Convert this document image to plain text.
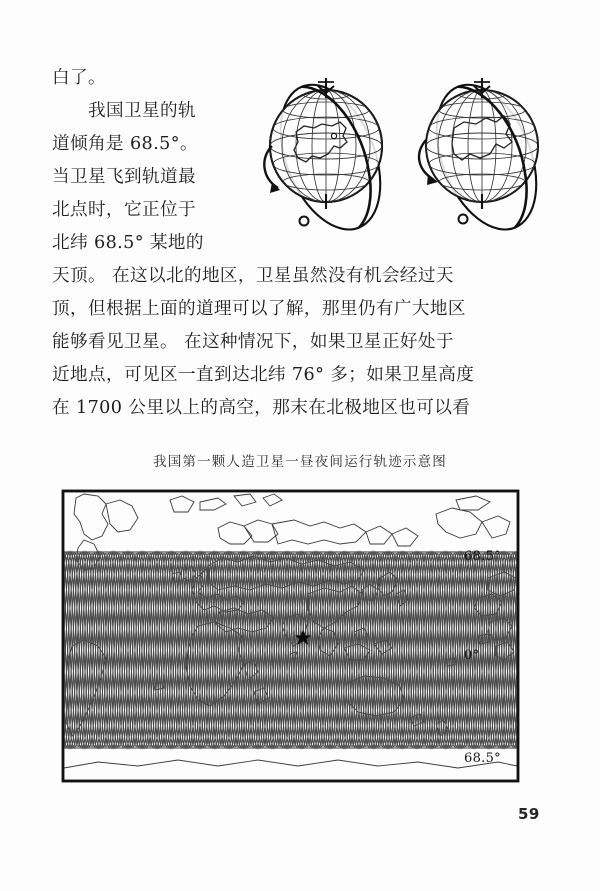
白了。
　　我国卫星的轨
道倾角是 68.5°。
当卫星飞到轨道最
北点时，它正位于
北纬 68.5° 某地的
天顶。 在这以北的地区，卫星虽然没有机会经过天
顶，但根据上面的道理可以了解，那里仍有广大地区
能够看见卫星。 在这种情况下，如果卫星正好处于
近地点，可见区一直到达北纬 76° 多；如果卫星高度
在 1700 公里以上的高空，那末在北极地区也可以看
我国第一颗人造卫星一昼夜间运行轨迹示意图
68.5°
0°
68.5°
59
